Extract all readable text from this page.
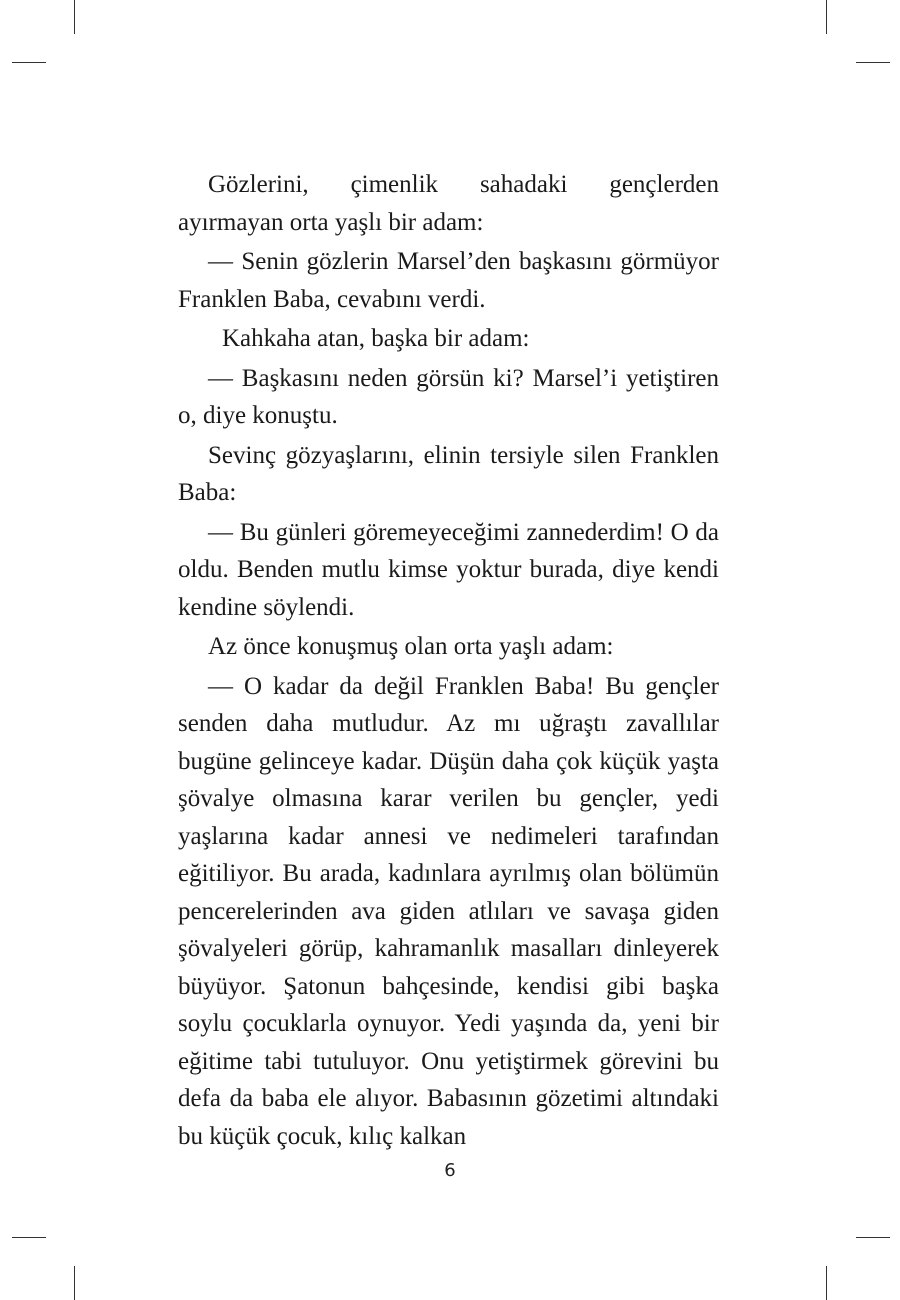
Gözlerini, çimenlik sahadaki gençlerden ayırmayan orta yaşlı bir adam:

— Senin gözlerin Marsel’den başkasını görmüyor Franklen Baba, cevabını verdi.

Kahkaha atan, başka bir adam:

— Başkasını neden görsün ki? Marsel’i yetiştiren o, diye konuştu.

Sevinç gözyaşlarını, elinin tersiyle silen Franklen Baba:

— Bu günleri göremeyeceğimi zannederdim! O da oldu. Benden mutlu kimse yoktur burada, diye kendi kendine söylendi.

Az önce konuşmuş olan orta yaşlı adam:

— O kadar da değil Franklen Baba! Bu gençler senden daha mutludur. Az mı uğraştı zavallılar bugüne gelinceye kadar. Düşün daha çok küçük yaşta şövalye olmasına karar verilen bu gençler, yedi yaşlarına kadar annesi ve nedimeleri tarafından eğitiliyor. Bu arada, kadınlara ayrılmış olan bölümün pencerelerinden ava giden atlıları ve savaşa giden şövalyeleri görüp, kahramanlık masalları dinleyerek büyüyor. Şatonun bahçesinde, kendisi gibi başka soylu çocuklarla oynuyor. Yedi yaşında da, yeni bir eğitime tabi tutuluyor. Onu yetiştirmek görevini bu defa da baba ele alıyor. Babasının gözetimi altındaki bu küçük çocuk, kılıç kalkan

6
